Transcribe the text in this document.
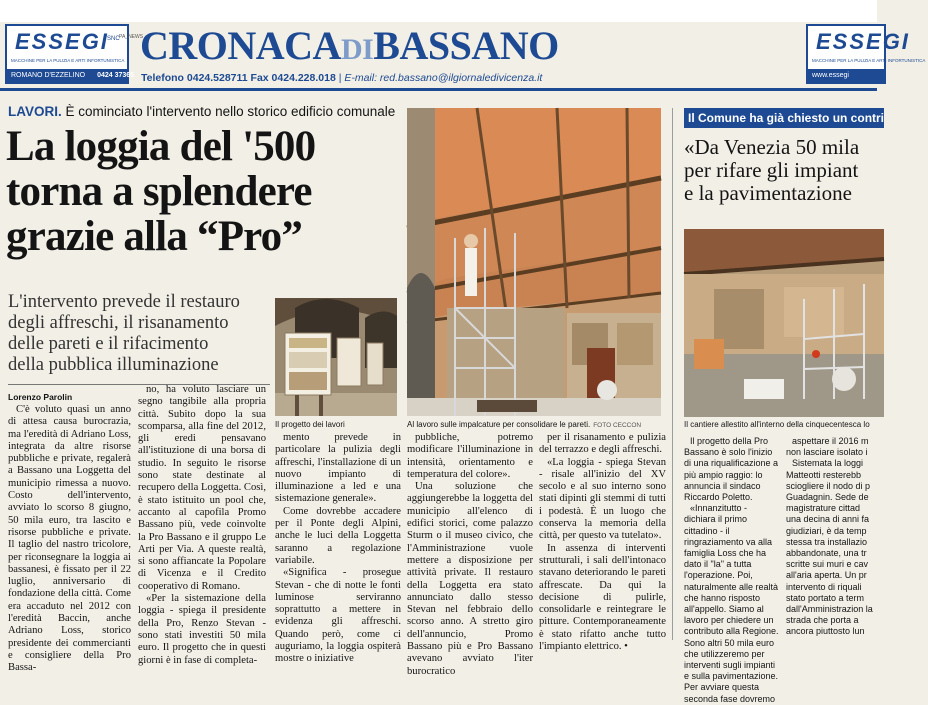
ESSEGI
SNC PA_NEWS
MACCHINE PER LA PULIZIA E ARTI INFORTUNISTICA
ROMANO D'EZZELINO 0424 37365
CRONACADIBASSANO
Telefono 0424.528711 Fax 0424.228.018 | E-mail: red.bassano@ilgiornaledivicenza.it
ESSEGI
MACCHINE PER LA PULIZIA E ARTI INFORTUNISTICA
www.essegi
LAVORI. È cominciato l'intervento nello storico edificio comunale
La loggia del '500
torna a splendere
grazie alla “Pro”
L'intervento prevede il restauro
degli affreschi, il risanamento
delle pareti e il rifacimento
della pubblica illuminazione
Lorenzo Parolin

C'è voluto quasi un anno di attesa causa burocrazia, ma l'eredità di Adriano Loss, integrata da altre risorse pubbliche e private, regalerà a Bassano una Loggetta del municipio rimessa a nuovo. Costo dell'intervento, avviato lo scorso 8 giugno, 50 mila euro, tra lascito e risorse pubbliche e private. Il taglio del nastro tricolore, per riconsegnare la loggia ai bassanesi, è fissato per il 22 luglio, anniversario di fondazione della città. Come era accaduto nel 2012 con l'eredità Baccin, anche Adriano Loss, storico presidente dei commercianti e consigliere della Pro Bassa-

no, ha voluto lasciare un segno tangibile alla propria città. Subito dopo la sua scomparsa, alla fine del 2012, gli eredi pensavano all'istituzione di una borsa di studio. In seguito le risorse sono state destinate al recupero della Loggetta. Così, è stato istituito un pool che, accanto al capofila Promo Bassano più, vede coinvolte la Pro Bassano e il gruppo Le Arti per Via. A queste realtà, si sono affiancate la Popolare di Vicenza e il Credito cooperativo di Romano.

«Per la sistemazione della loggia - spiega il presidente della Pro, Renzo Stevan - sono stati investiti 50 mila euro. Il progetto che in questi giorni è in fase di completa-

mento prevede in particolare la pulizia degli affreschi, l'installazione di un nuovo impianto di illuminazione a led e una sistemazione generale».

Come dovrebbe accadere per il Ponte degli Alpini, anche le luci della Loggetta saranno a regolazione variabile.

«Significa - prosegue Stevan - che di notte le fonti luminose serviranno soprattutto a mettere in evidenza gli affreschi. Quando però, come ci auguriamo, la loggia ospiterà mostre o iniziative

pubbliche, potremo modificare l'illuminazione in intensità, orientamento e temperatura del colore».

Una soluzione che aggiungerebbe la loggetta del municipio all'elenco di edifici storici, come palazzo Sturm o il museo civico, che l'Amministrazione vuole mettere a disposizione per attività private. Il restauro della Loggetta era stato annunciato dallo stesso Stevan nel febbraio dello scorso anno. A stretto giro dell'annuncio, Promo Bassano più e Pro Bassano avevano avviato l'iter burocratico

per il risanamento e pulizia del terrazzo e degli affreschi.

«La loggia - spiega Stevan - risale all'inizio del XV secolo e al suo interno sono stati dipinti gli stemmi di tutti i podestà. È un luogo che conserva la memoria della città, per questo va tutelato».

In assenza di interventi strutturali, i sali dell'intonaco stavano deteriorando le pareti affrescate. Da qui la decisione di pulirle, consolidarle e reintegrare le pitture. Contemporaneamente è stato rifatto anche tutto l'impianto elettrico. •

Il progetto dei lavori	Al lavoro sulle impalcature per consolidare le pareti. FOTO CECCON
Il Comune ha già chiesto un contri
«Da Venezia 50 mila
per rifare gli impiant
e la pavimentazione
Il cantiere allestito all'interno della cinquecentesca lo

Il progetto della Pro Bassano è solo l'inizio di una riqualificazione a più ampio raggio: lo annuncia il sindaco Riccardo Poletto.

«Innanzitutto - dichiara il primo cittadino - il ringraziamento va alla famiglia Loss che ha dato il "la" a tutta l'operazione. Poi, naturalmente alle realtà che hanno risposto all'appello. Siamo al lavoro per chiedere un contributo alla Regione. Sono altri 50 mila euro che utilizzeremo per interventi sugli impianti e sulla pavimentazione. Per avviare questa seconda fase dovremo

aspettare il 2016 m non lasciare isolato i

Sistemata la loggi Matteotti resterebb sciogliere il nodo di p Guadagnin. Sede de magistrature cittad una decina di anni fa giudiziari, è da temp stessa tra installazio abbandonate, una tr scritte sui muri e cav all'aria aperta. Un pr intervento di riquali stato portato a term dall'Amministrazion la strada che porta a ancora piuttosto lun
